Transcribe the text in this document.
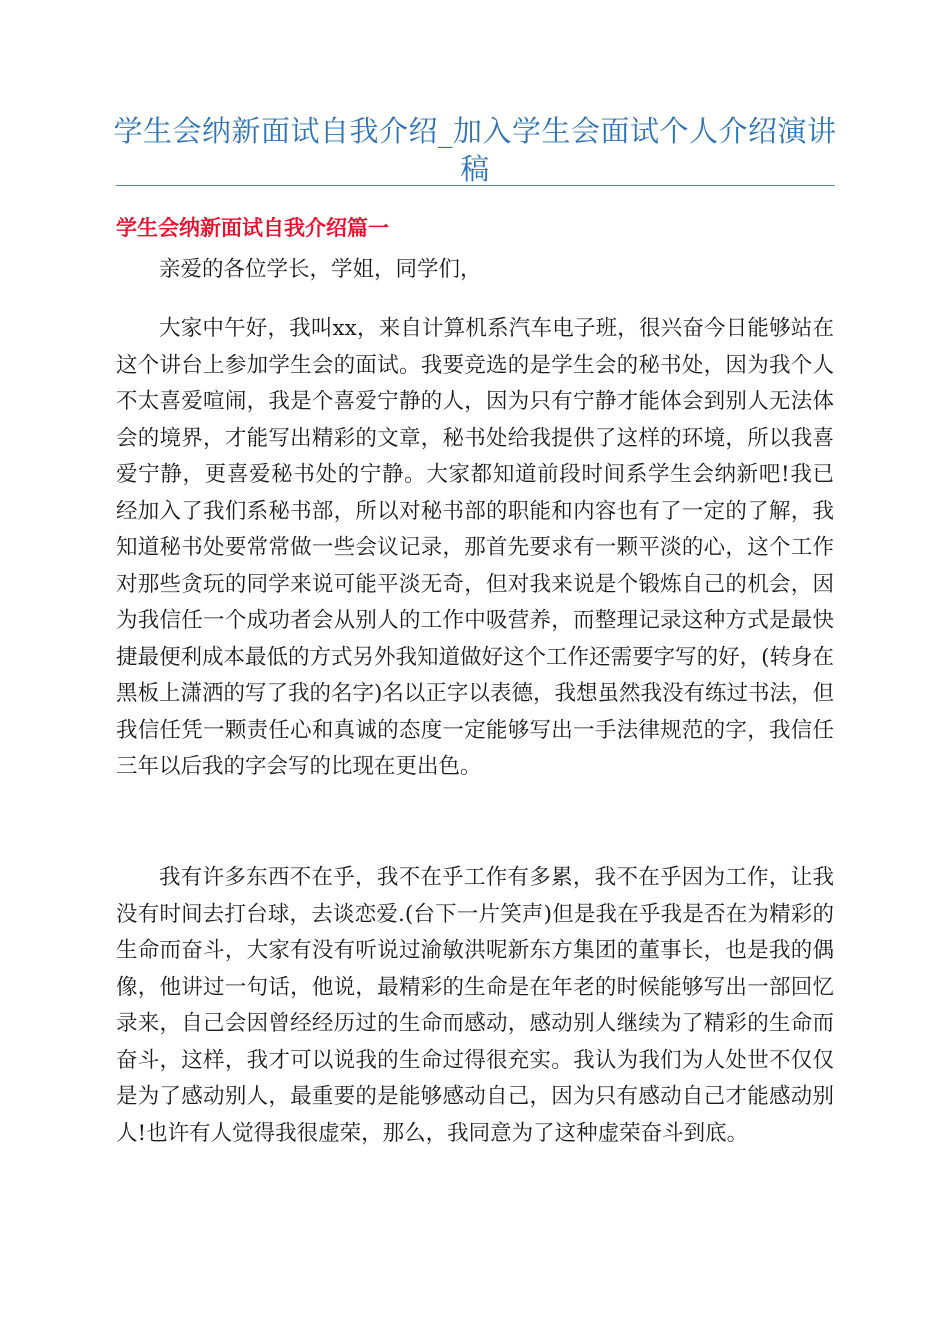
学生会纳新面试自我介绍_加入学生会面试个人介绍演讲稿
学生会纳新面试自我介绍篇一

亲爱的各位学长，学姐，同学们，

大家中午好，我叫xx，来自计算机系汽车电子班，很兴奋今日能够站在这个讲台上参加学生会的面试。我要竞选的是学生会的秘书处，因为我个人不太喜爱喧闹，我是个喜爱宁静的人，因为只有宁静才能体会到别人无法体会的境界，才能写出精彩的文章，秘书处给我提供了这样的环境，所以我喜爱宁静，更喜爱秘书处的宁静。大家都知道前段时间系学生会纳新吧!我已经加入了我们系秘书部，所以对秘书部的职能和内容也有了一定的了解，我知道秘书处要常常做一些会议记录，那首先要求有一颗平淡的心，这个工作对那些贪玩的同学来说可能平淡无奇，但对我来说是个锻炼自己的机会，因为我信任一个成功者会从别人的工作中吸营养，而整理记录这种方式是最快捷最便利成本最低的方式另外我知道做好这个工作还需要字写的好，(转身在黑板上潇洒的写了我的名字)名以正字以表德，我想虽然我没有练过书法，但我信任凭一颗责任心和真诚的态度一定能够写出一手法律规范的字，我信任三年以后我的字会写的比现在更出色。

我有许多东西不在乎，我不在乎工作有多累，我不在乎因为工作，让我没有时间去打台球，去谈恋爱.(台下一片笑声)但是我在乎我是否在为精彩的生命而奋斗，大家有没有听说过渝敏洪呢新东方集团的董事长，也是我的偶像，他讲过一句话，他说，最精彩的生命是在年老的时候能够写出一部回忆录来，自己会因曾经经历过的生命而感动，感动别人继续为了精彩的生命而奋斗，这样，我才可以说我的生命过得很充实。我认为我们为人处世不仅仅是为了感动别人，最重要的是能够感动自己，因为只有感动自己才能感动别人!也许有人觉得我很虚荣，那么，我同意为了这种虚荣奋斗到底。
